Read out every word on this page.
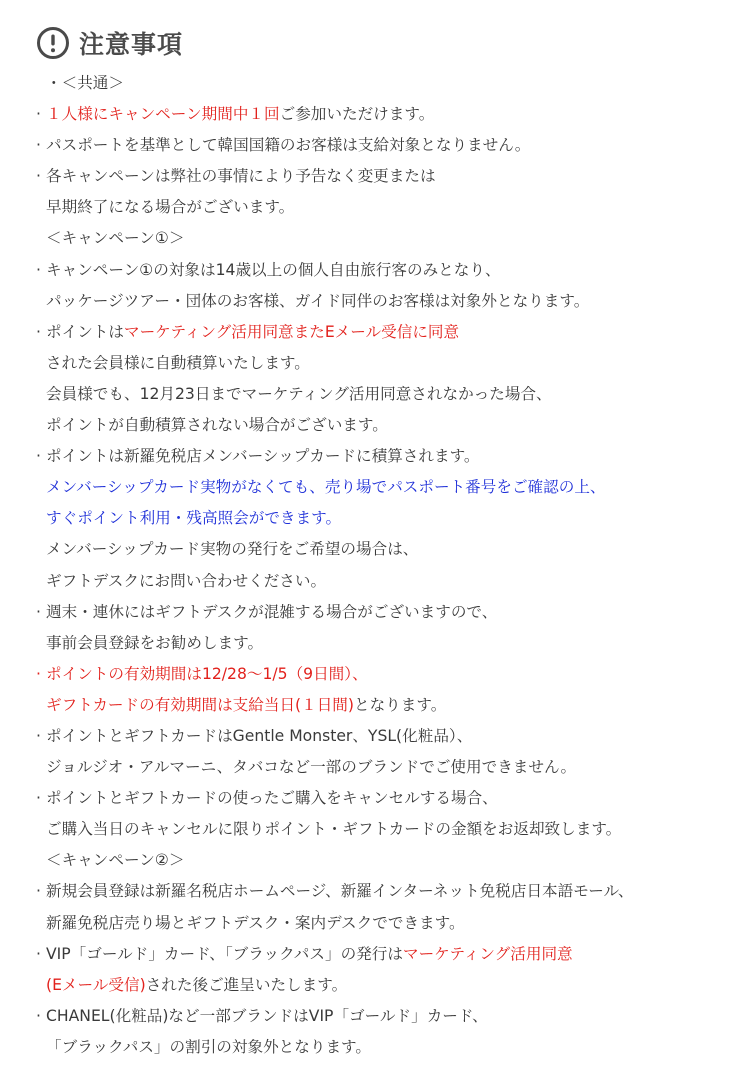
注意事項
・＜共通＞
· １人様にキャンペーン期間中１回ご参加いただけます。
· パスポートを基準として韓国国籍のお客様は支給対象となりません。
· 各キャンペーンは弊社の事情により予告なく変更または
早期終了になる場合がございます。
＜キャンペーン①＞
· キャンペーン①の対象は14歳以上の個人自由旅行客のみとなり、
パッケージツアー・団体のお客様、ガイド同伴のお客様は対象外となります。
· ポイントはマーケティング活用同意またEメール受信に同意
された会員様に自動積算いたします。
会員様でも、12月23日までマーケティング活用同意されなかった場合、
ポイントが自動積算されない場合がございます。
· ポイントは新羅免税店メンバーシップカードに積算されます。
メンバーシップカード実物がなくても、売り場でパスポート番号をご確認の上、
すぐポイント利用・残高照会ができます。
メンバーシップカード実物の発行をご希望の場合は、
ギフトデスクにお問い合わせください。
· 週末・連休にはギフトデスクが混雑する場合がございますので、
事前会員登録をお勧めします。
· ポイントの有効期間は12/28～1/5（9日間）、
ギフトカードの有効期間は支給当日(１日間)となります。
· ポイントとギフトカードはGentle Monster、YSL(化粧品）、
ジョルジオ・アルマーニ、タバコなど一部のブランドでご使用できません。
· ポイントとギフトカードの使ったご購入をキャンセルする場合、
ご購入当日のキャンセルに限りポイント・ギフトカードの金額をお返却致します。
＜キャンペーン②＞
· 新規会員登録は新羅名税店ホームページ、新羅インターネット免税店日本語モール、
新羅免税店売り場とギフトデスク・案内デスクでできます。
· VIP「ゴールド」カード、「ブラックパス」の発行はマーケティング活用同意
(Eメール受信)された後ご進呈いたします。
· CHANEL(化粧品)など一部ブランドはVIP「ゴールド」カード、
「ブラックパス」の割引の対象外となります。
